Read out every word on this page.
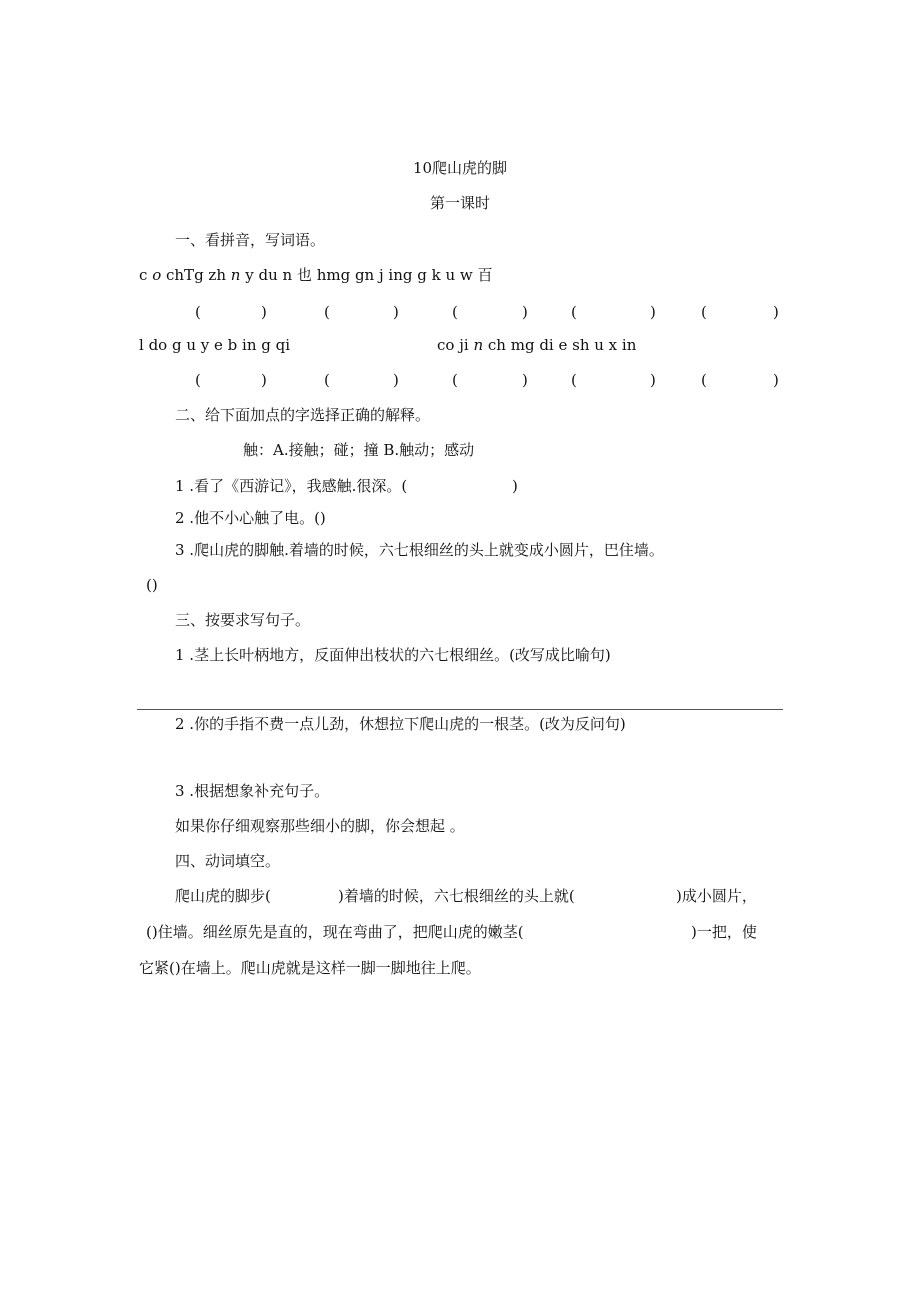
10爬山虎的脚
第一课时
一、看拼音，写词语。
c o chTg zh n y du n 也 hmg gn j ing g k u w 百
(	)	(	)	(	)	(	)	(	)
l do g u y e b in g qi	co ji n ch mg di e sh u x in
(	)	(	)	(	)	(	)	(	)
二、给下面加点的字选择正确的解释。
触：A.接触；碰；撞 B.触动；感动
1 .看了《西游记》，我感触.很深。(	)
2 .他不小心触了电。()
3 .爬山虎的脚触.着墙的时候，六七根细丝的头上就变成小圆片，巴住墙。
()
三、按要求写句子。
1 .茎上长叶柄地方，反面伸出枝状的六七根细丝。(改写成比喻句)
2 .你的手指不费一点儿劲，休想拉下爬山虎的一根茎。(改为反问句)
3 .根据想象补充句子。
如果你仔细观察那些细小的脚，你会想起 。
四、动词填空。
爬山虎的脚步(	)着墙的时候，六七根细丝的头上就(	)成小圆片，
()住墙。细丝原先是直的，现在弯曲了，把爬山虎的嫩茎(	)一把，使
它紧()在墙上。爬山虎就是这样一脚一脚地往上爬。
